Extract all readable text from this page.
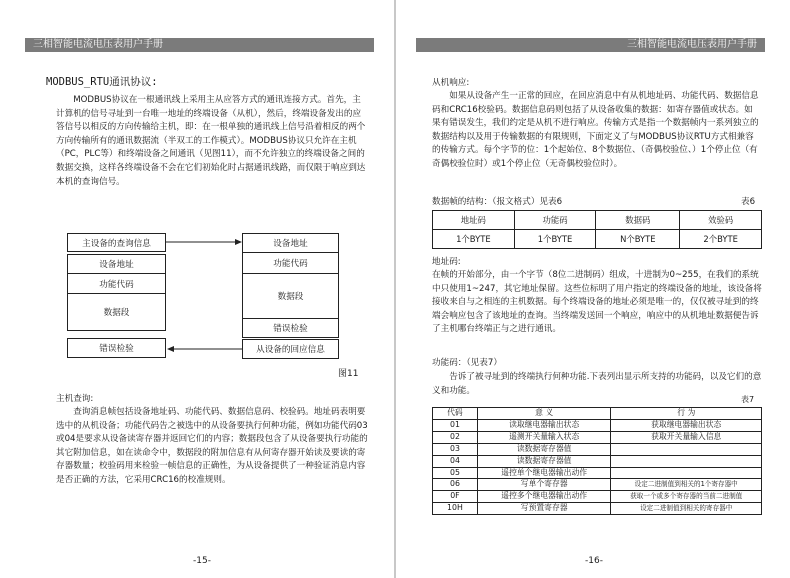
三相智能电流电压表用户手册
MODBUS_RTU通讯协议:

MODBUS协议在一根通讯线上采用主从应答方式的通讯连接方式。首先，主计算机的信号寻址到一台唯一地址的终端设备（从机），然后，终端设备发出的应答信号以相反的方向传输给主机，即：在一根单独的通讯线上信号沿着相反的两个方向传输所有的通讯数据流（半双工的工作模式）。MODBUS协议只允许在主机（PC，PLC等）和终端设备之间通讯（见图11），而不允许独立的终端设备之间的数据交换，这样各终端设备不会在它们初始化时占据通讯线路，而仅限于响应到达本机的查询信号。

主设备的查询信息
设备地址
功能代码
数据段
错误检验
设备地址
功能代码
数据段
错误检验
从设备的回应信息
图11
主机查询:

查询消息帧包括设备地址码、功能代码、数据信息码、校验码。地址码表明要选中的从机设备；功能代码告之被选中的从设备要执行何种功能，例如功能代码03或04是要求从设备读寄存器并返回它们的内容；数据段包含了从设备要执行功能的其它附加信息，如在读命令中，数据段的附加信息有从何寄存器开始读及要读的寄存器数量；校验码用来检验一帧信息的正确性，为从设备提供了一种验证消息内容是否正确的方法，它采用CRC16的校准规则。

-15-
三相智能电流电压表用户手册
从机响应:

如果从设备产生一正常的回应，在回应消息中有从机地址码、功能代码、数据信息码和CRC16校验码。数据信息码则包括了从设备收集的数据：如寄存器值或状态。如果有错误发生，我们约定是从机不进行响应。传输方式是指一个数据帧内一系列独立的数据结构以及用于传输数据的有限规则，下面定义了与MODBUS协议RTU方式相兼容的传输方式。每个字节的位：1个起始位、8个数据位、（奇偶校验位、）1个停止位（有奇偶校验位时）或1个停止位（无奇偶校验位时）。

数据帧的结构：（报文格式）见表6	表6
地址码	功能码	数据码	效验码
1个BYTE	1个BYTE	N个BYTE	2个BYTE
地址码:

在帧的开始部分，由一个字节（8位二进制码）组成，十进制为0~255，在我们的系统中只使用1~247，其它地址保留。这些位标明了用户指定的终端设备的地址，该设备将接收来自与之相连的主机数据。每个终端设备的地址必须是唯一的，仅仅被寻址到的终端会响应包含了该地址的查询。当终端发送回一个响应，响应中的从机地址数据便告诉了主机哪台终端正与之进行通讯。

功能码：（见表7）

告诉了被寻址到的终端执行何种功能.下表列出显示所支持的功能码，以及它们的意义和功能。

表7
代码	意 义	行 为
01	读取继电器输出状态	获取继电器输出状态
02	遥测开关量输入状态	获取开关量输入信息
03	读数据寄存器值	
04	读数据寄存器值	
05	遥控单个继电器输出动作	
06	写单个寄存器	设定二进制值到相关的1个寄存器中
0F	遥控多个继电器输出动作	获取一个或多个寄存器的当前二进制值
10H	写预置寄存器	设定二进制值到相关的寄存器中
-16-
